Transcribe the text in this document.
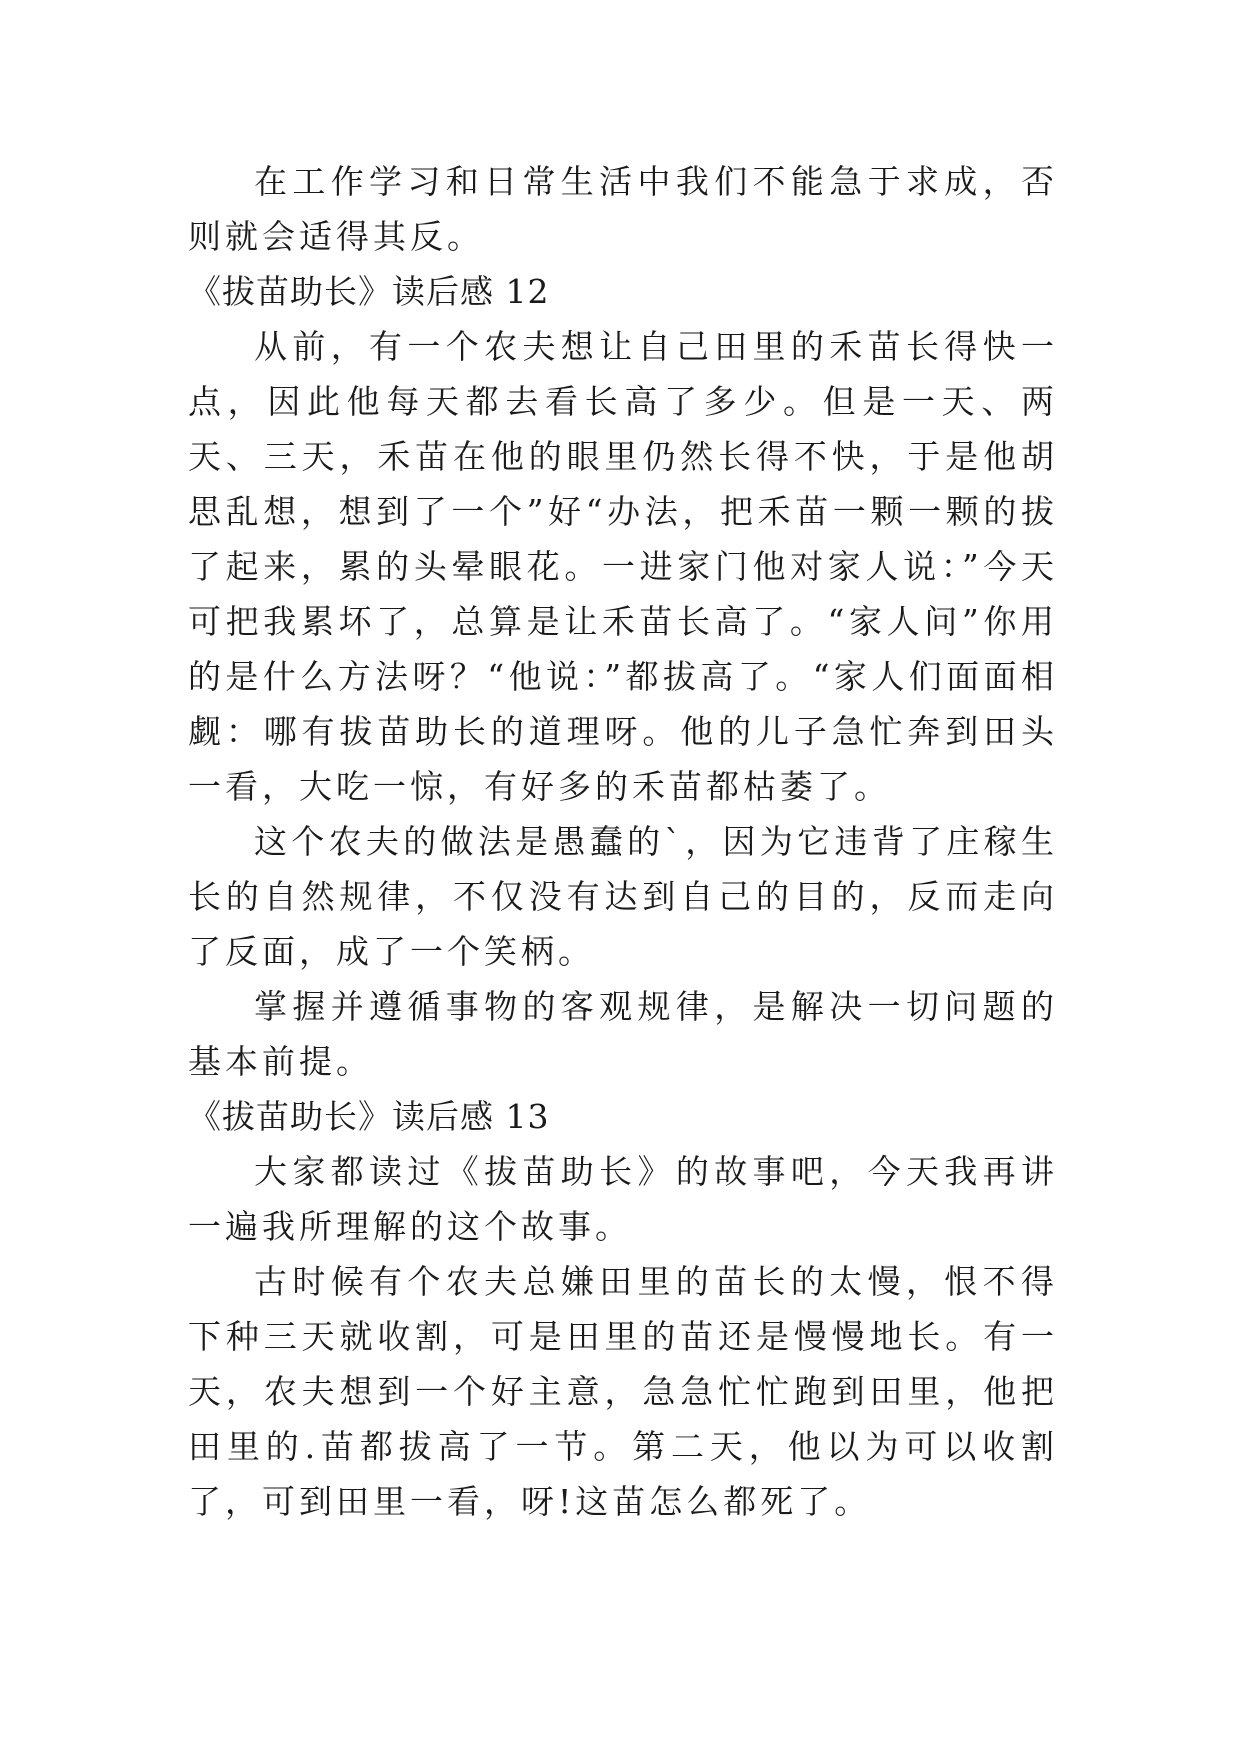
在工作学习和日常生活中我们不能急于求成，否则就会适得其反。

《拔苗助长》读后感 12

从前，有一个农夫想让自己田里的禾苗长得快一点，因此他每天都去看长高了多少。但是一天、两天、三天，禾苗在他的眼里仍然长得不快，于是他胡思乱想，想到了一个”好“办法，把禾苗一颗一颗的拔了起来，累的头晕眼花。一进家门他对家人说：”今天可把我累坏了，总算是让禾苗长高了。“家人问”你用的是什么方法呀？“他说：”都拔高了。“家人们面面相觑：哪有拔苗助长的道理呀。他的儿子急忙奔到田头一看，大吃一惊，有好多的禾苗都枯萎了。

这个农夫的做法是愚蠢的`，因为它违背了庄稼生长的自然规律，不仅没有达到自己的目的，反而走向了反面，成了一个笑柄。

掌握并遵循事物的客观规律，是解决一切问题的基本前提。

《拔苗助长》读后感 13

大家都读过《拔苗助长》的故事吧，今天我再讲一遍我所理解的这个故事。

古时候有个农夫总嫌田里的苗长的太慢，恨不得下种三天就收割，可是田里的苗还是慢慢地长。有一天，农夫想到一个好主意，急急忙忙跑到田里，他把田里的.苗都拔高了一节。第二天，他以为可以收割了，可到田里一看，呀!这苗怎么都死了。
